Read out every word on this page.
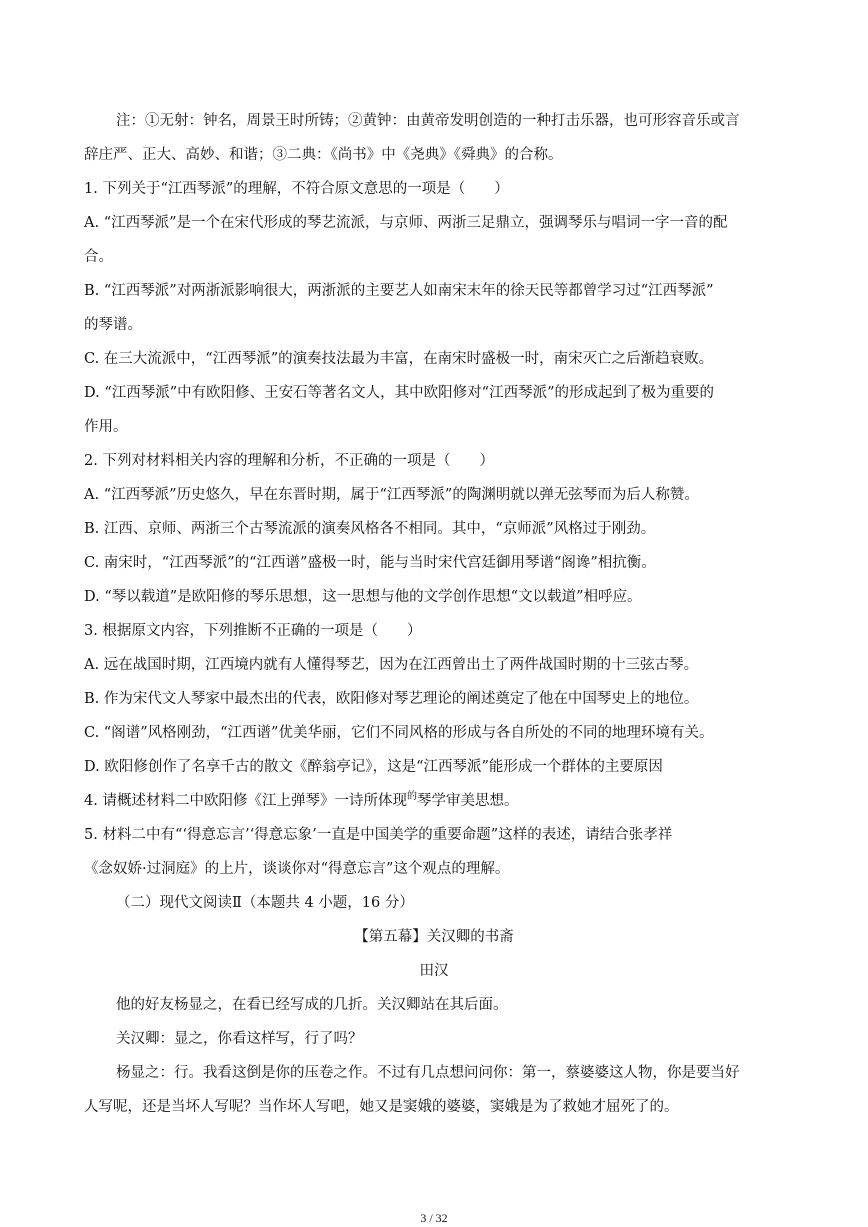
注：①无射：钟名，周景王时所铸；②黄钟：由黄帝发明创造的一种打击乐器，也可形容音乐或言
辞庄严、正大、高妙、和谐；③二典：《尚书》中《尧典》《舜典》的合称。
1. 下列关于“江西琴派”的理解，不符合原文意思的一项是（　　）
A. “江西琴派”是一个在宋代形成的琴艺流派，与京师、两浙三足鼎立，强调琴乐与唱词一字一音的配
合。
B. “江西琴派”对两浙派影响很大，两浙派的主要艺人如南宋末年的徐天民等都曾学习过“江西琴派”
的琴谱。
C. 在三大流派中，“江西琴派”的演奏技法最为丰富，在南宋时盛极一时，南宋灭亡之后渐趋衰败。
D. “江西琴派”中有欧阳修、王安石等著名文人，其中欧阳修对“江西琴派”的形成起到了极为重要的
作用。
2. 下列对材料相关内容的理解和分析，不正确的一项是（　　）
A. “江西琴派”历史悠久，早在东晋时期，属于“江西琴派”的陶渊明就以弹无弦琴而为后人称赞。
B. 江西、京师、两浙三个古琴流派的演奏风格各不相同。其中，“京师派”风格过于刚劲。
C. 南宋时，“江西琴派”的“江西谱”盛极一时，能与当时宋代宫廷御用琴谱“阁谗”相抗衡。
D. “琴以载道”是欧阳修的琴乐思想，这一思想与他的文学创作思想“文以载道”相呼应。
3. 根据原文内容，下列推断不正确的一项是（　　）
A. 远在战国时期，江西境内就有人懂得琴艺，因为在江西曾出土了两件战国时期的十三弦古琴。
B. 作为宋代文人琴家中最杰出的代表，欧阳修对琴艺理论的阐述奠定了他在中国琴史上的地位。
C. “阁谱”风格刚劲，“江西谱”优美华丽，它们不同风格的形成与各自所处的不同的地理环境有关。
D. 欧阳修创作了名享千古的散文《醉翁亭记》，这是“江西琴派”能形成一个群体的主要原因
4. 请概述材料二中欧阳修《江上弹琴》一诗所体现$^的$琴学审美思想。
5. 材料二中有“‘得意忘言’‘得意忘象’一直是中国美学的重要命题”这样的表述，请结合张孝祥
《念奴娇·过洞庭》的上片，谈谈你对“得意忘言”这个观点的理解。
（二）现代文阅读Ⅱ（本题共 4 小题，16 分）
【第五幕】关汉卿的书斋
田汉
他的好友杨显之，在看已经写成的几折。关汉卿站在其后面。
关汉卿：显之，你看这样写，行了吗？
杨显之：行。我看这倒是你的压卷之作。不过有几点想问问你：第一，蔡婆婆这人物，你是要当好
人写呢，还是当坏人写呢？当作坏人写吧，她又是窦娥的婆婆，窦娥是为了救她才屈死了的。
3 / 32
